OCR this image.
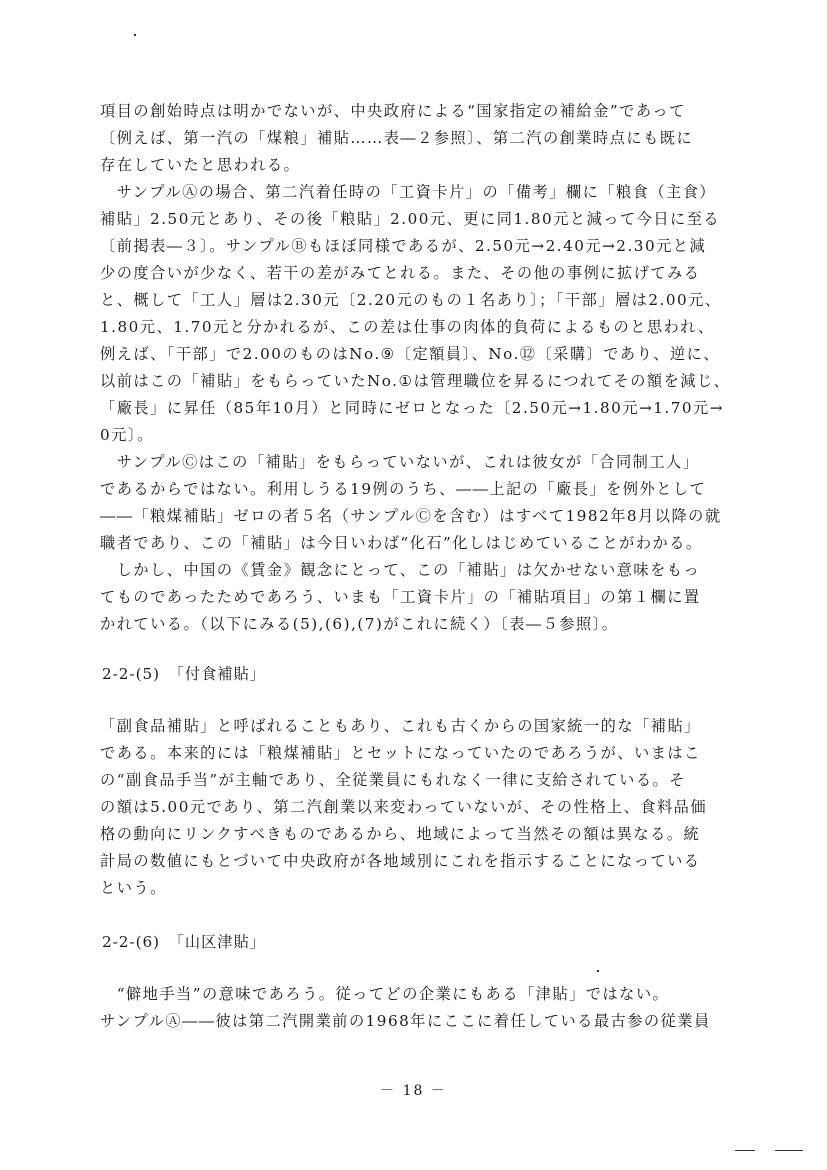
項目の創始時点は明かでないが、中央政府による“国家指定の補給金”であって
〔例えば、第一汽の「煤粮」補貼……表―２参照〕、第二汽の創業時点にも既に
存在していたと思われる。
　サンプルⒶの場合、第二汽着任時の「工資卡片」の「備考」欄に「粮食（主食）
補貼」2.50元とあり、その後「粮貼」2.00元、更に同1.80元と減って今日に至る
〔前掲表―３〕。サンプルⒷもほぼ同様であるが、2.50元→2.40元→2.30元と減
少の度合いが少なく、若干の差がみてとれる。また、その他の事例に拡げてみる
と、概して「工人」層は2.30元〔2.20元のもの１名あり〕；「干部」層は2.00元、
1.80元、1.70元と分かれるが、この差は仕事の肉体的負荷によるものと思われ、
例えば、「干部」で2.00のものはNo.⑨〔定額員〕、No.⑫〔采購〕であり、逆に、
以前はこの「補貼」をもらっていたNo.①は管理職位を昇るにつれてその額を減じ、
「廠長」に昇任（85年10月）と同時にゼロとなった〔2.50元→1.80元→1.70元→
0元〕。
　サンプルⒸはこの「補貼」をもらっていないが、これは彼女が「合同制工人」
であるからではない。利用しうる19例のうち、――上記の「廠長」を例外として
――「粮煤補貼」ゼロの者５名（サンプルⒸを含む）はすべて1982年8月以降の就
職者であり、この「補貼」は今日いわば“化石”化しはじめていることがわかる。
　しかし、中国の《賃金》観念にとって、この「補貼」は欠かせない意味をもっ
てものであったためであろう、いまも「工資卡片」の「補貼項目」の第１欄に置
かれている。（以下にみる(5),(6),(7)がこれに続く）〔表―５参照〕。
2-2-(5)　「付食補貼」
「副食品補貼」と呼ばれることもあり、これも古くからの国家統一的な「補貼」
である。本来的には「粮煤補貼」とセットになっていたのであろうが、いまはこ
の“副食品手当”が主軸であり、全従業員にもれなく一律に支給されている。そ
の額は5.00元であり、第二汽創業以来変わっていないが、その性格上、食料品価
格の動向にリンクすべきものであるから、地域によって当然その額は異なる。統
計局の数値にもとづいて中央政府が各地域別にこれを指示することになっている
という。
2-2-(6)　「山区津貼」
　“僻地手当”の意味であろう。従ってどの企業にもある「津貼」ではない。
サンプルⒶ――彼は第二汽開業前の1968年にここに着任している最古参の従業員
－ 18 －
